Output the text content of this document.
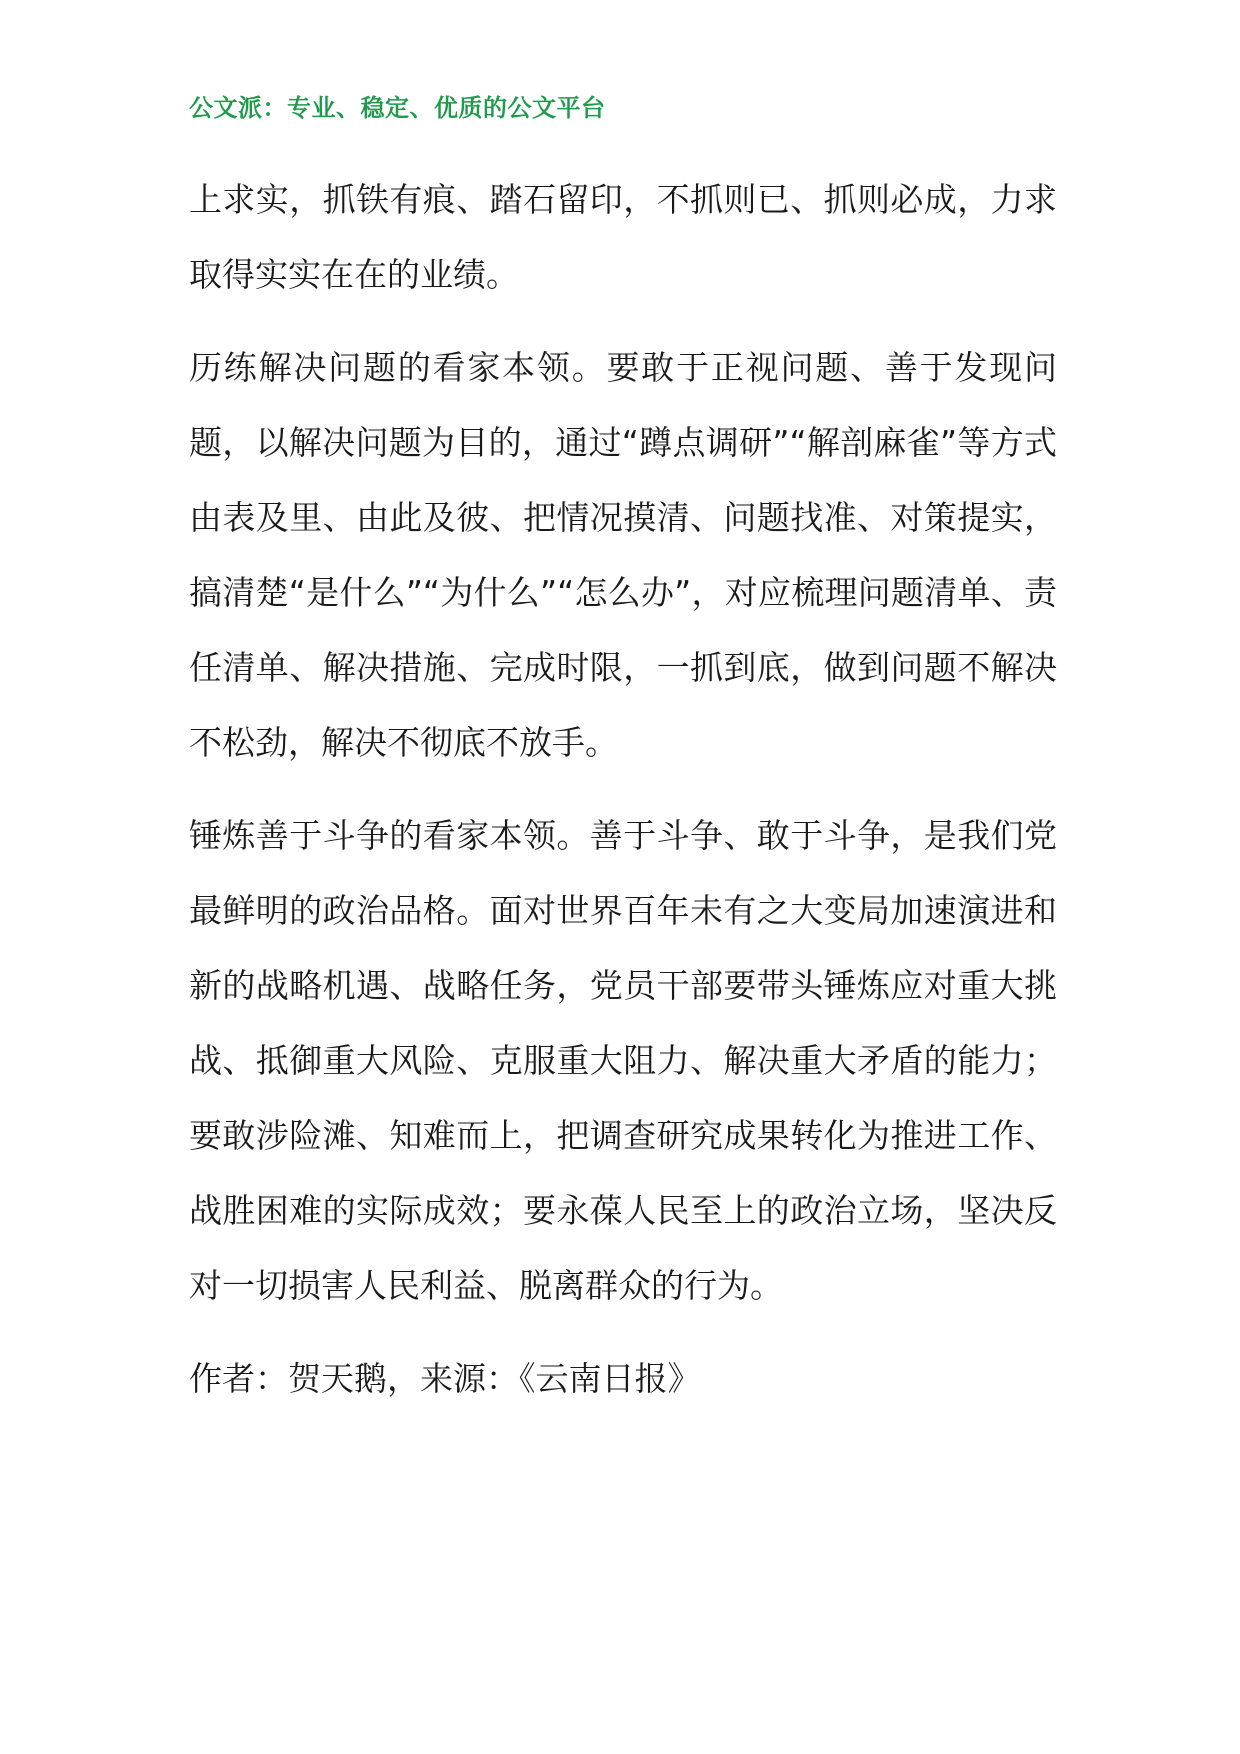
公文派：专业、稳定、优质的公文平台

上求实，抓铁有痕、踏石留印，不抓则已、抓则必成，力求取得实实在在的业绩。

历练解决问题的看家本领。要敢于正视问题、善于发现问题，以解决问题为目的，通过“蹲点调研”“解剖麻雀”等方式由表及里、由此及彼、把情况摸清、问题找准、对策提实，搞清楚“是什么”“为什么”“怎么办”，对应梳理问题清单、责任清单、解决措施、完成时限，一抓到底，做到问题不解决不松劲，解决不彻底不放手。

锤炼善于斗争的看家本领。善于斗争、敢于斗争，是我们党最鲜明的政治品格。面对世界百年未有之大变局加速演进和新的战略机遇、战略任务，党员干部要带头锤炼应对重大挑战、抵御重大风险、克服重大阻力、解决重大矛盾的能力；要敢涉险滩、知难而上，把调查研究成果转化为推进工作、战胜困难的实际成效；要永葆人民至上的政治立场，坚决反对一切损害人民利益、脱离群众的行为。

作者：贺天鹅，来源：《云南日报》
